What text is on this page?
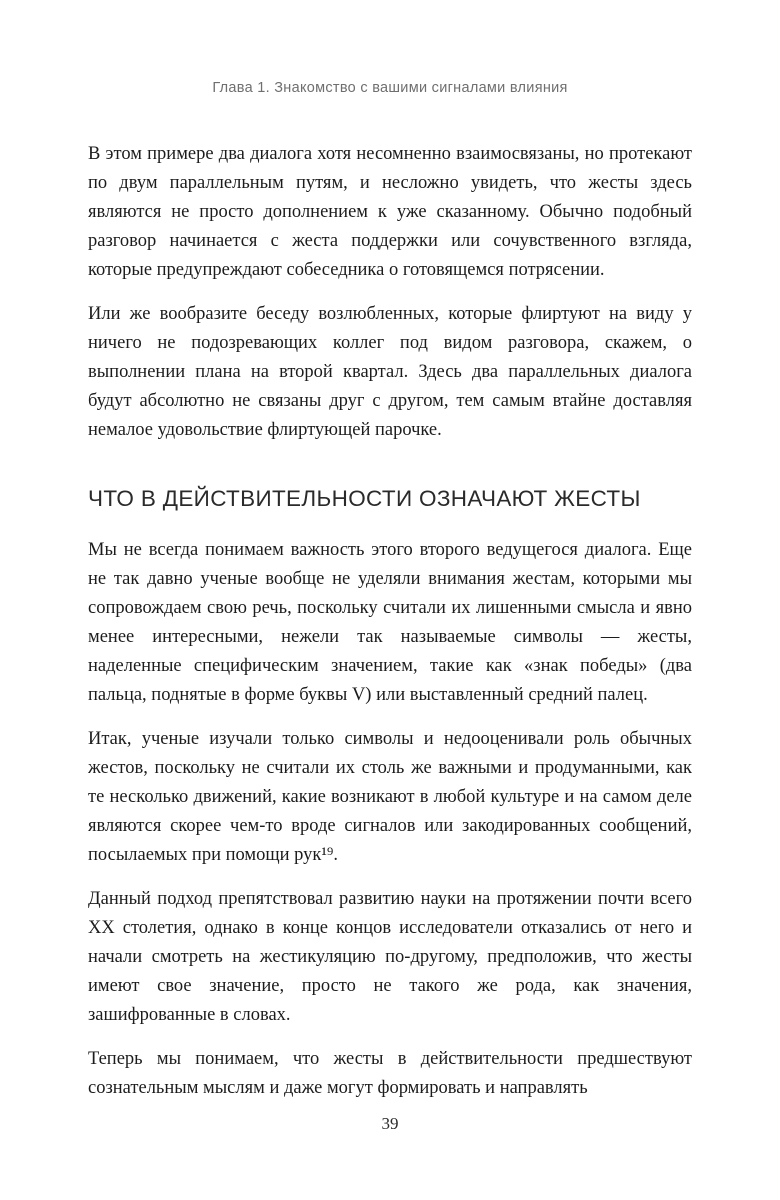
Глава 1. Знакомство с вашими сигналами влияния

В этом примере два диалога хотя несомненно взаимосвязаны, но протекают по двум параллельным путям, и несложно увидеть, что жесты здесь являются не просто дополнением к уже сказанному. Обычно подобный разговор начинается с жеста поддержки или сочувственного взгляда, которые предупреждают собеседника о готовящемся потрясении.

Или же вообразите беседу возлюбленных, которые флиртуют на виду у ничего не подозревающих коллег под видом разговора, скажем, о выполнении плана на второй квартал. Здесь два параллельных диалога будут абсолютно не связаны друг с другом, тем самым втайне доставляя немалое удовольствие флиртующей парочке.

ЧТО В ДЕЙСТВИТЕЛЬНОСТИ ОЗНАЧАЮТ ЖЕСТЫ

Мы не всегда понимаем важность этого второго ведущегося диалога. Еще не так давно ученые вообще не уделяли внимания жестам, которыми мы сопровождаем свою речь, поскольку считали их лишенными смысла и явно менее интересными, нежели так называемые символы — жесты, наделенные специфическим значением, такие как «знак победы» (два пальца, поднятые в форме буквы V) или выставленный средний палец.

Итак, ученые изучали только символы и недооценивали роль обычных жестов, поскольку не считали их столь же важными и продуманными, как те несколько движений, какие возникают в любой культуре и на самом деле являются скорее чем-то вроде сигналов или закодированных сообщений, посылаемых при помощи рук¹⁹.

Данный подход препятствовал развитию науки на протяжении почти всего XX столетия, однако в конце концов исследователи отказались от него и начали смотреть на жестикуляцию по-другому, предположив, что жесты имеют свое значение, просто не такого же рода, как значения, зашифрованные в словах.

Теперь мы понимаем, что жесты в действительности предшествуют сознательным мыслям и даже могут формировать и направлять

39
